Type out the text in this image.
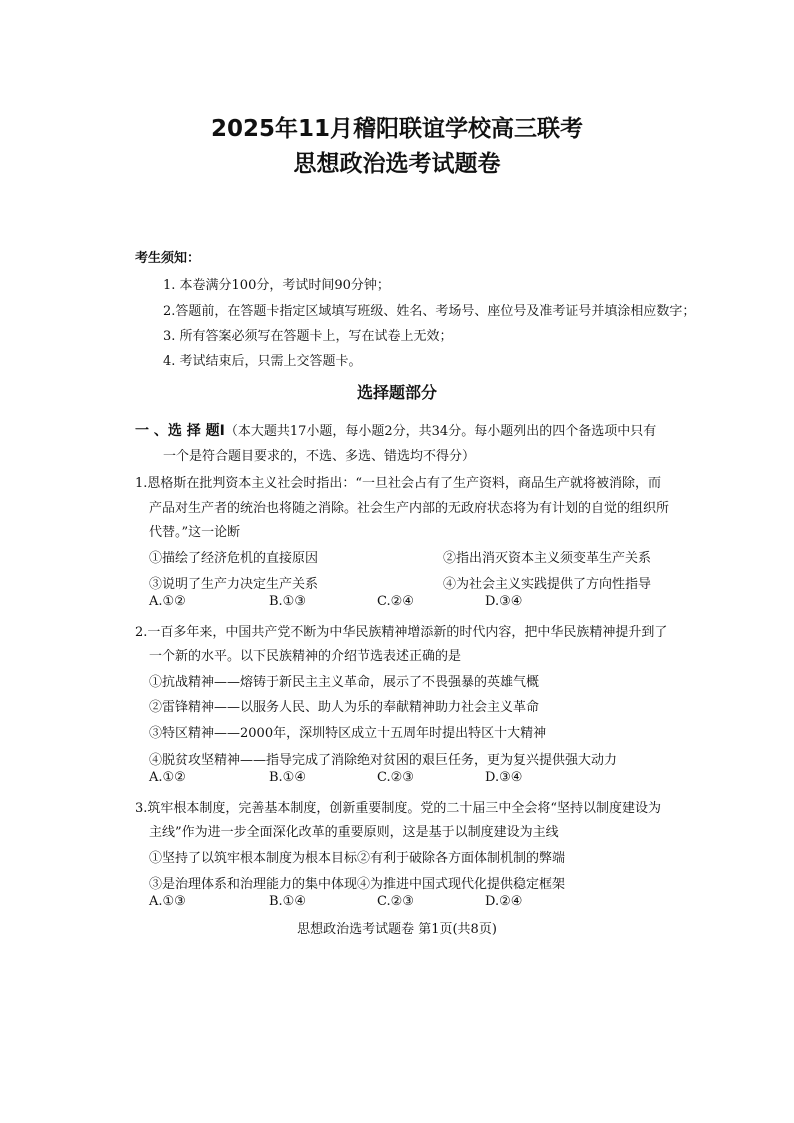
2025年11月稽阳联谊学校高三联考
思想政治选考试题卷
考生须知：
1. 本卷满分100分，考试时间90分钟；
2.答题前，在答题卡指定区域填写班级、姓名、考场号、座位号及准考证号并填涂相应数字；
3. 所有答案必须写在答题卡上，写在试卷上无效；
4. 考试结束后，只需上交答题卡。
选择题部分
一 、选 择 题Ⅰ（本大题共17小题，每小题2分，共34分。每小题列出的四个备选项中只有
一个是符合题目要求的，不选、多选、错选均不得分）
1.恩格斯在批判资本主义社会时指出：“一旦社会占有了生产资料，商品生产就将被消除，而
产品对生产者的统治也将随之消除。社会生产内部的无政府状态将为有计划的自觉的组织所
代替。”这一论断
①描绘了经济危机的直接原因	②指出消灭资本主义须变革生产关系
③说明了生产力决定生产关系	④为社会主义实践提供了方向性指导
A.①②	B.①③	C.②④	D.③④
2.一百多年来，中国共产党不断为中华民族精神增添新的时代内容，把中华民族精神提升到了
一个新的水平。以下民族精神的介绍节选表述正确的是
①抗战精神——熔铸于新民主主义革命，展示了不畏强暴的英雄气概
②雷锋精神——以服务人民、助人为乐的奉献精神助力社会主义革命
③特区精神——2000年，深圳特区成立十五周年时提出特区十大精神
④脱贫攻坚精神——指导完成了消除绝对贫困的艰巨任务，更为复兴提供强大动力
A.①②	B.①④	C.②③	D.③④
3.筑牢根本制度，完善基本制度，创新重要制度。党的二十届三中全会将“坚持以制度建设为
主线”作为进一步全面深化改革的重要原则，这是基于以制度建设为主线
①坚持了以筑牢根本制度为根本目标②有利于破除各方面体制机制的弊端
③是治理体系和治理能力的集中体现④为推进中国式现代化提供稳定框架
A.①③	B.①④	C.②③	D.②④
思想政治选考试题卷 第1页(共8页)
